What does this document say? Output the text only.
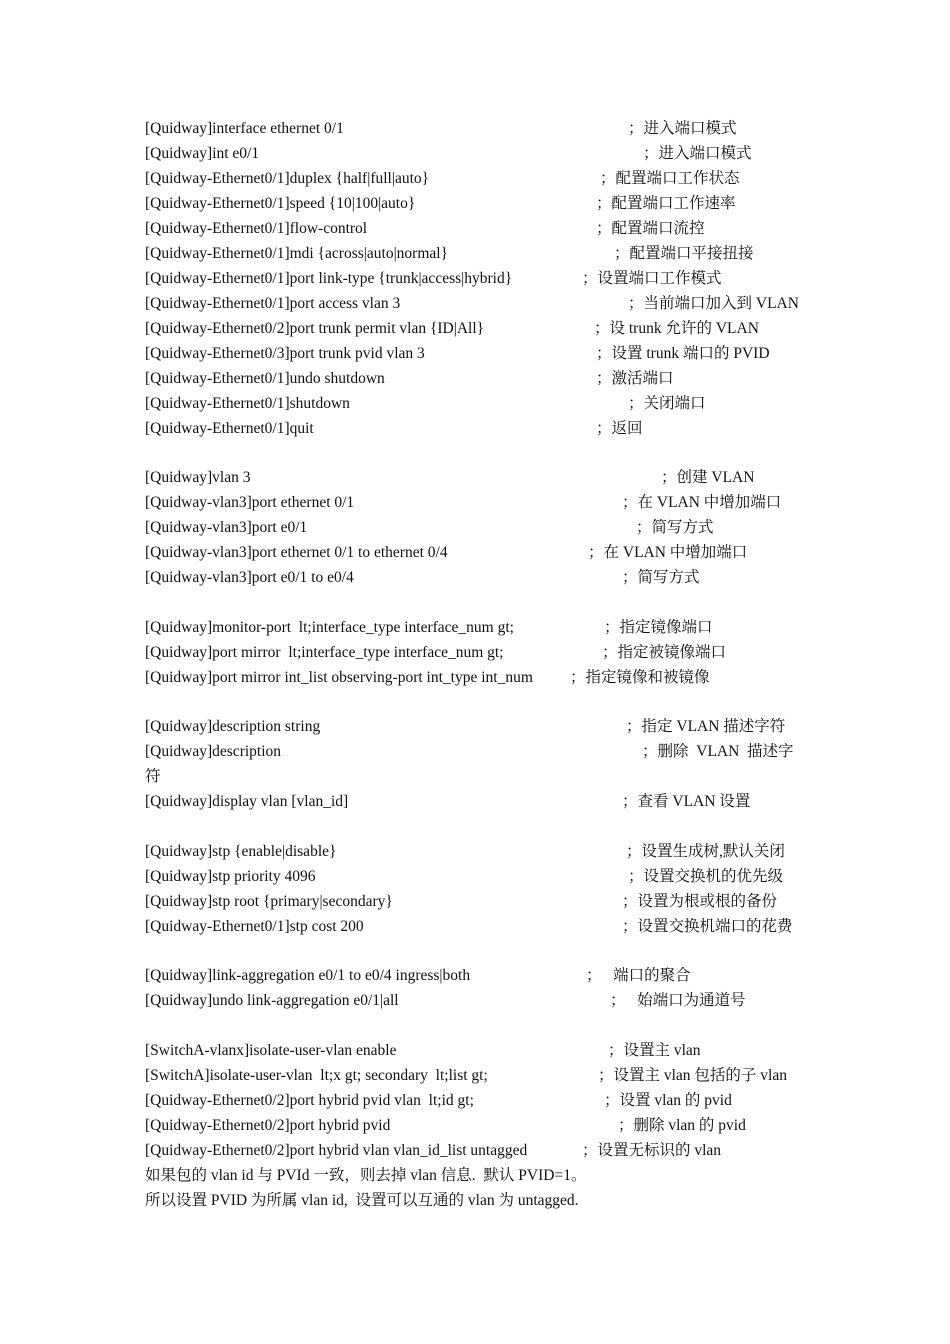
[Quidway]interface ethernet 0/1	；进入端口模式
[Quidway]int e0/1	；进入端口模式
[Quidway-Ethernet0/1]duplex {half|full|auto}	；配置端口工作状态
[Quidway-Ethernet0/1]speed {10|100|auto}	；配置端口工作速率
[Quidway-Ethernet0/1]flow-control	；配置端口流控
[Quidway-Ethernet0/1]mdi {across|auto|normal}	；配置端口平接扭接
[Quidway-Ethernet0/1]port link-type {trunk|access|hybrid}	；设置端口工作模式
[Quidway-Ethernet0/1]port access vlan 3	；当前端口加入到 VLAN
[Quidway-Ethernet0/2]port trunk permit vlan {ID|All}	；设 trunk 允许的 VLAN
[Quidway-Ethernet0/3]port trunk pvid vlan 3	；设置 trunk 端口的 PVID
[Quidway-Ethernet0/1]undo shutdown	；激活端口
[Quidway-Ethernet0/1]shutdown	；关闭端口
[Quidway-Ethernet0/1]quit	；返回
[Quidway]vlan 3	；创建 VLAN
[Quidway-vlan3]port ethernet 0/1	；在 VLAN 中增加端口
[Quidway-vlan3]port e0/1	；简写方式
[Quidway-vlan3]port ethernet 0/1 to ethernet 0/4	；在 VLAN 中增加端口
[Quidway-vlan3]port e0/1 to e0/4	；简写方式
[Quidway]monitor-port  lt;interface_type interface_num gt;	；指定镜像端口
[Quidway]port mirror  lt;interface_type interface_num gt;	；指定被镜像端口
[Quidway]port mirror int_list observing-port int_type int_num ；指定镜像和被镜像
[Quidway]description string	；指定 VLAN 描述字符
[Quidway]description	；删除  VLAN  描述字
符
[Quidway]display vlan [vlan_id]	；查看 VLAN 设置
[Quidway]stp {enable|disable}	；设置生成树,默认关闭
[Quidway]stp priority 4096	；设置交换机的优先级
[Quidway]stp root {primary|secondary}	；设置为根或根的备份
[Quidway-Ethernet0/1]stp cost 200	；设置交换机端口的花费
[Quidway]link-aggregation e0/1 to e0/4 ingress|both	；   端口的聚合
[Quidway]undo link-aggregation e0/1|all	；   始端口为通道号
[SwitchA-vlanx]isolate-user-vlan enable	；设置主 vlan
[SwitchA]isolate-user-vlan  lt;x gt; secondary  lt;list gt;	；设置主 vlan 包括的子 vlan
[Quidway-Ethernet0/2]port hybrid pvid vlan  lt;id gt;	；设置 vlan 的 pvid
[Quidway-Ethernet0/2]port hybrid pvid	；删除 vlan 的 pvid
[Quidway-Ethernet0/2]port hybrid vlan vlan_id_list untagged	；设置无标识的 vlan
如果包的 vlan id 与 PVId 一致，则去掉 vlan 信息.  默认 PVID=1。
所以设置 PVID 为所属 vlan id,  设置可以互通的 vlan 为 untagged.
